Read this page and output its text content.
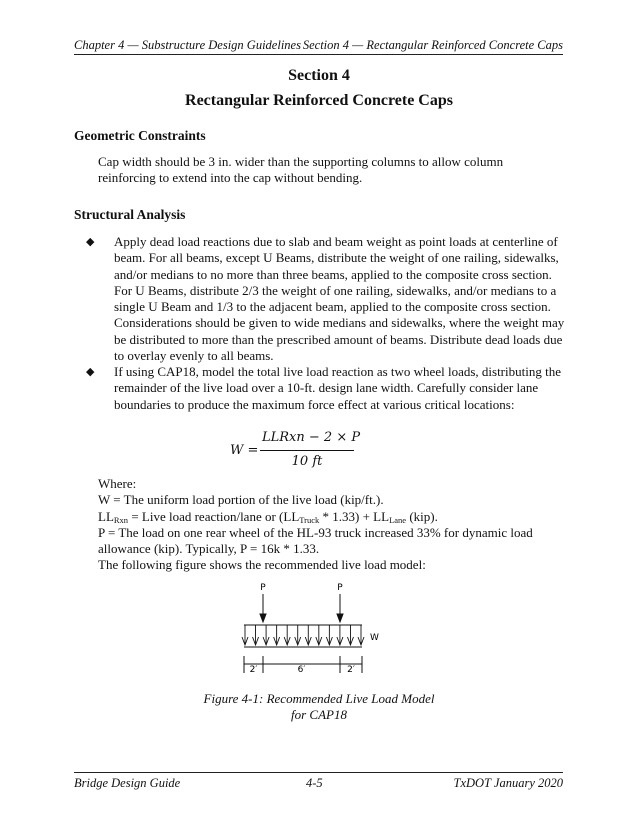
Chapter 4 — Substructure Design Guidelines Section 4 — Rectangular Reinforced Concrete Caps
Section 4
Rectangular Reinforced Concrete Caps
Geometric Constraints
Cap width should be 3 in. wider than the supporting columns to allow column reinforcing to extend into the cap without bending.
Structural Analysis
◆ Apply dead load reactions due to slab and beam weight as point loads at centerline of beam. For all beams, except U Beams, distribute the weight of one railing, sidewalks, and/or medians to no more than three beams, applied to the composite cross section. For U Beams, distribute 2/3 the weight of one railing, sidewalks, and/or medians to a single U Beam and 1/3 to the adjacent beam, applied to the composite cross section. Considerations should be given to wide medians and sidewalks, where the weight may be distributed to more than the prescribed amount of beams. Distribute dead loads due to overlay evenly to all beams.
◆ If using CAP18, model the total live load reaction as two wheel loads, distributing the remainder of the live load over a 10-ft. design lane width. Carefully consider lane boundaries to produce the maximum force effect at various critical locations:
W =
LLRxn − 2 × P
10 ft
Where:
W = The uniform load portion of the live load (kip/ft.).
$LL_{Rxn}$ = Live load reaction/lane or $(LL_{Truck} * 1.33) + LL_{Lane}$ (kip).
P = The load on one rear wheel of the HL-93 truck increased 33% for dynamic load allowance (kip). Typically, P = 16k * 1.33.
The following figure shows the recommended live load model:
P	P
W
2′	6′	2′
Figure 4-1: Recommended Live Load Model
for CAP18
Bridge Design Guide	4-5	TxDOT January 2020
